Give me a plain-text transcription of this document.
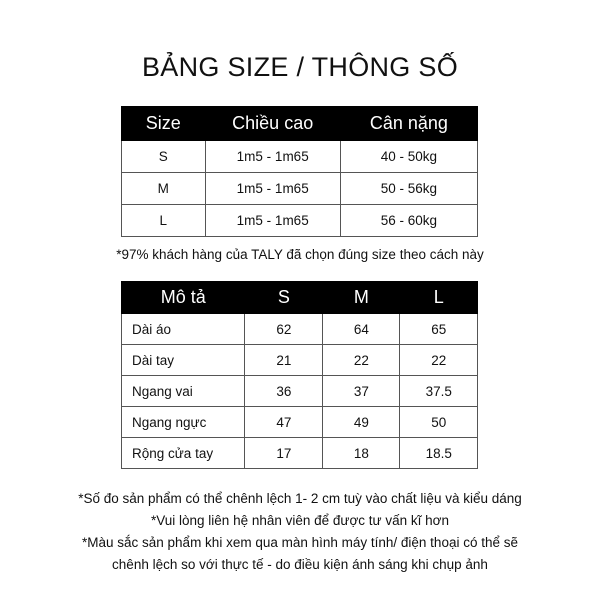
BẢNG SIZE / THÔNG SỐ
Size	Chiều cao	Cân nặng
S	1m5 - 1m65	40 - 50kg
M	1m5 - 1m65	50 - 56kg
L	1m5 - 1m65	56 - 60kg
*97% khách hàng của TALY đã chọn đúng size theo cách này
Mô tả	S	M	L
Dài áo	62	64	65
Dài tay	21	22	22
Ngang vai	36	37	37.5
Ngang ngực	47	49	50
Rộng cửa tay	17	18	18.5
*Số đo sản phẩm có thể chênh lệch 1- 2 cm tuỳ vào chất liệu và kiểu dáng
*Vui lòng liên hệ nhân viên để được tư vấn kĩ hơn
*Màu sắc sản phẩm khi xem qua màn hình máy tính/ điện thoại có thể sẽ
chênh lệch so với thực tế - do điều kiện ánh sáng khi chụp ảnh
